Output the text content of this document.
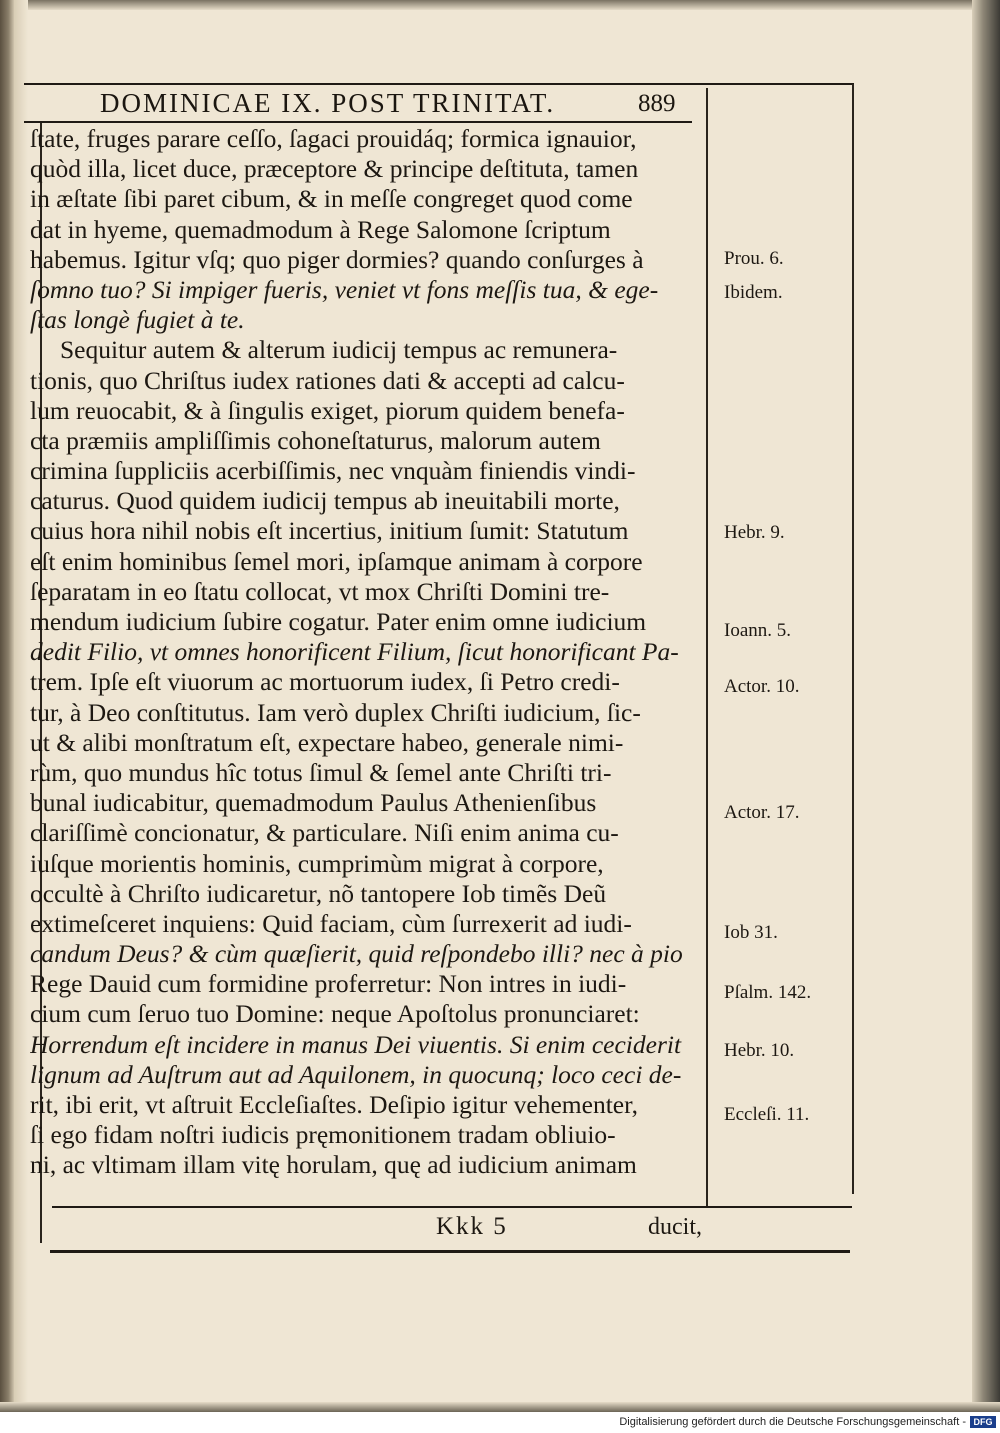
DOMINICAE IX. POST TRINITAT.	889
ſtate, fruges parare ceſſo, ſagaci prouidáq; formica ignauior,
quòd illa, licet duce, præceptore & principe deſtituta, tamen
in æſtate ſibi paret cibum, & in meſſe congreget quod come
dat in hyeme, quemadmodum à Rege Salomone ſcriptum
habemus. Igitur vſq; quo piger dormies? quando conſurges à
ſomno tuo? Si impiger fueris, veniet vt fons meſſis tua, & ege-
ſtas longè fugiet à te.
Sequitur autem & alterum iudicij tempus ac remunera-
tionis, quo Chriſtus iudex rationes dati & accepti ad calcu-
lum reuocabit, & à ſingulis exiget, piorum quidem benefa-
cta præmiis ampliſſimis cohoneſtaturus, malorum autem
crimina ſuppliciis acerbiſſimis, nec vnquàm finiendis vindi-
caturus. Quod quidem iudicij tempus ab ineuitabili morte,
cuius hora nihil nobis eſt incertius, initium ſumit: Statutum
eſt enim hominibus ſemel mori, ipſamque animam à corpore
ſeparatam in eo ſtatu collocat, vt mox Chriſti Domini tre-
mendum iudicium ſubire cogatur. Pater enim omne iudicium
dedit Filio, vt omnes honorificent Filium, ſicut honorificant Pa-
trem. Ipſe eſt viuorum ac mortuorum iudex, ſi Petro credi-
tur, à Deo conſtitutus. Iam verò duplex Chriſti iudicium, ſic-
ut & alibi monſtratum eſt, expectare habeo, generale nimi-
rùm, quo mundus hîc totus ſimul & ſemel ante Chriſti tri-
bunal iudicabitur, quemadmodum Paulus Athenienſibus
clariſſimè concionatur, & particulare. Niſi enim anima cu-
iuſque morientis hominis, cumprimùm migrat à corpore,
occultè à Chriſto iudicaretur, nõ tantopere Iob timẽs Deũ
extimeſceret inquiens: Quid faciam, cùm ſurrexerit ad iudi-
candum Deus? & cùm quæſierit, quid reſpondebo illi? nec à pio
Rege Dauid cum formidine proferretur: Non intres in iudi-
cium cum ſeruo tuo Domine: neque Apoſtolus pronunciaret:
Horrendum eſt incidere in manus Dei viuentis. Si enim ceciderit
lignum ad Auſtrum aut ad Aquilonem, in quocunq; loco ceci de-
rit, ibi erit, vt aſtruit Eccleſiaſtes. Deſipio igitur vehementer,
ſi ego fidam noſtri iudicis pręmonitionem tradam obliuio-
ni, ac vltimam illam vitę horulam, quę ad iudicium animam
Prou. 6.
Ibidem.
Hebr. 9.
Ioann. 5.
Actor. 10.
Actor. 17.
Iob 31.
Pſalm. 142.
Hebr. 10.
Eccleſi. 11.
Kkk 5	ducit,
Digitalisierung gefördert durch die Deutsche Forschungsgemeinschaft - DFG
